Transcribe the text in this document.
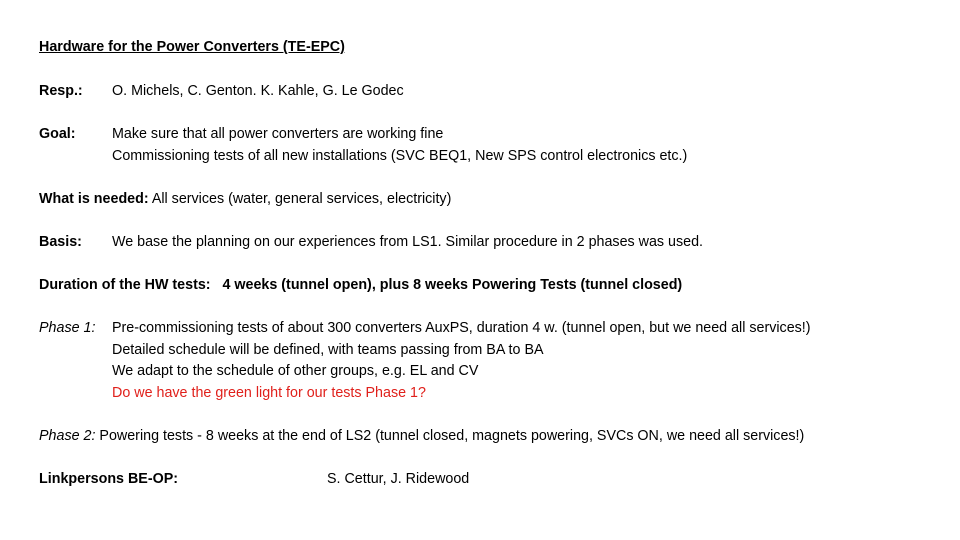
Hardware for the Power Converters (TE-EPC)
Resp.: O. Michels, C. Genton. K. Kahle, G. Le Godec
Goal:	Make sure that all power converters are working fine
Commissioning tests of all new installations (SVC BEQ1, New SPS control electronics etc.)
What is needed: All services (water, general services, electricity)
Basis: We base the planning on our experiences from LS1. Similar procedure in 2 phases was used.
Duration of the HW tests:   4 weeks (tunnel open), plus 8 weeks Powering Tests (tunnel closed)
Phase 1: Pre-commissioning tests of about 300 converters AuxPS, duration 4 w. (tunnel open, but we need all services!)
Detailed schedule will be defined, with teams passing from BA to BA
We adapt to the schedule of other groups, e.g. EL and CV
Do we have the green light for our tests Phase 1?
Phase 2: Powering tests - 8 weeks at the end of LS2 (tunnel closed, magnets powering, SVCs ON, we need all services!)
Linkpersons BE-OP:	S. Cettur, J. Ridewood
